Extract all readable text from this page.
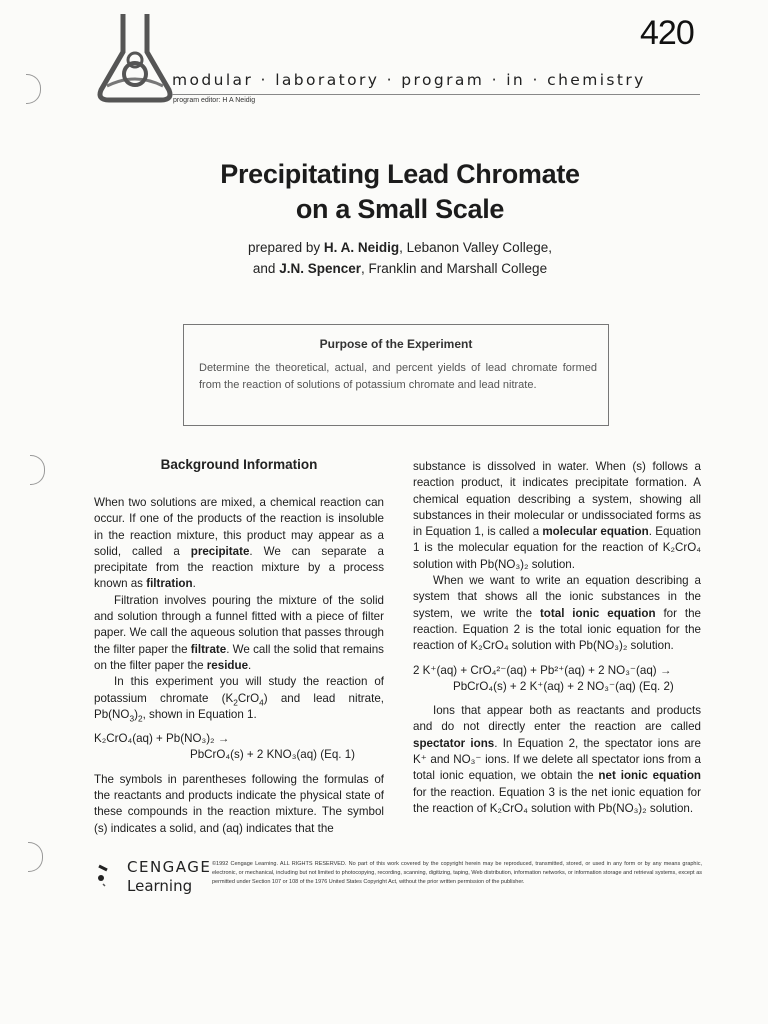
420
modular · laboratory · program · in · chemistry
program editor: H A Neidig
Precipitating Lead Chromate
on a Small Scale
prepared by H. A. Neidig, Lebanon Valley College,
and J.N. Spencer, Franklin and Marshall College
Purpose of the Experiment
Determine the theoretical, actual, and percent yields of lead chromate formed from the reaction of solutions of potassium chromate and lead nitrate.
Background Information

When two solutions are mixed, a chemical reaction can occur. If one of the products of the reaction is insoluble in the reaction mixture, this product may appear as a solid, called a precipitate. We can separate a precipitate from the reaction mixture by a process known as filtration.

Filtration involves pouring the mixture of the solid and solution through a funnel fitted with a piece of filter paper. We call the aqueous solution that passes through the filter paper the filtrate. We call the solid that remains on the filter paper the residue.

In this experiment you will study the reaction of potassium chromate $(K_2CrO_4)$ and lead nitrate, $Pb(NO_3)_2$, shown in Equation 1.

K₂CrO₄(aq) + Pb(NO₃)₂ →
PbCrO₄(s) + 2 KNO₃(aq) (Eq. 1)

The symbols in parentheses following the formulas of the reactants and products indicate the physical state of these compounds in the reaction mixture. The symbol (s) indicates a solid, and (aq) indicates that the

substance is dissolved in water. When (s) follows a reaction product, it indicates precipitate formation. A chemical equation describing a system, showing all substances in their molecular or undissociated forms as in Equation 1, is called a molecular equation. Equation 1 is the molecular equation for the reaction of K₂CrO₄ solution with Pb(NO₃)₂ solution.

When we want to write an equation describing a system that shows all the ionic substances in the system, we write the total ionic equation for the reaction. Equation 2 is the total ionic equation for the reaction of K₂CrO₄ solution with Pb(NO₃)₂ solution.

2 K⁺(aq) + CrO₄²⁻(aq) + Pb²⁺(aq) + 2 NO₃⁻(aq) →
PbCrO₄(s) + 2 K⁺(aq) + 2 NO₃⁻(aq) (Eq. 2)

Ions that appear both as reactants and products and do not directly enter the reaction are called spectator ions. In Equation 2, the spectator ions are K⁺ and NO₃⁻ ions. If we delete all spectator ions from a total ionic equation, we obtain the net ionic equation for the reaction. Equation 3 is the net ionic equation for the reaction of K₂CrO₄ solution with Pb(NO₃)₂ solution.

CENGAGE
Learning
©1992 Cengage Learning. ALL RIGHTS RESERVED. No part of this work covered by the copyright herein may be reproduced, transmitted, stored, or used in any form or by any means graphic, electronic, or mechanical, including but not limited to photocopying, recording, scanning, digitizing, taping, Web distribution, information networks, or information storage and retrieval systems, except as permitted under Section 107 or 108 of the 1976 United States Copyright Act, without the prior written permission of the publisher.
